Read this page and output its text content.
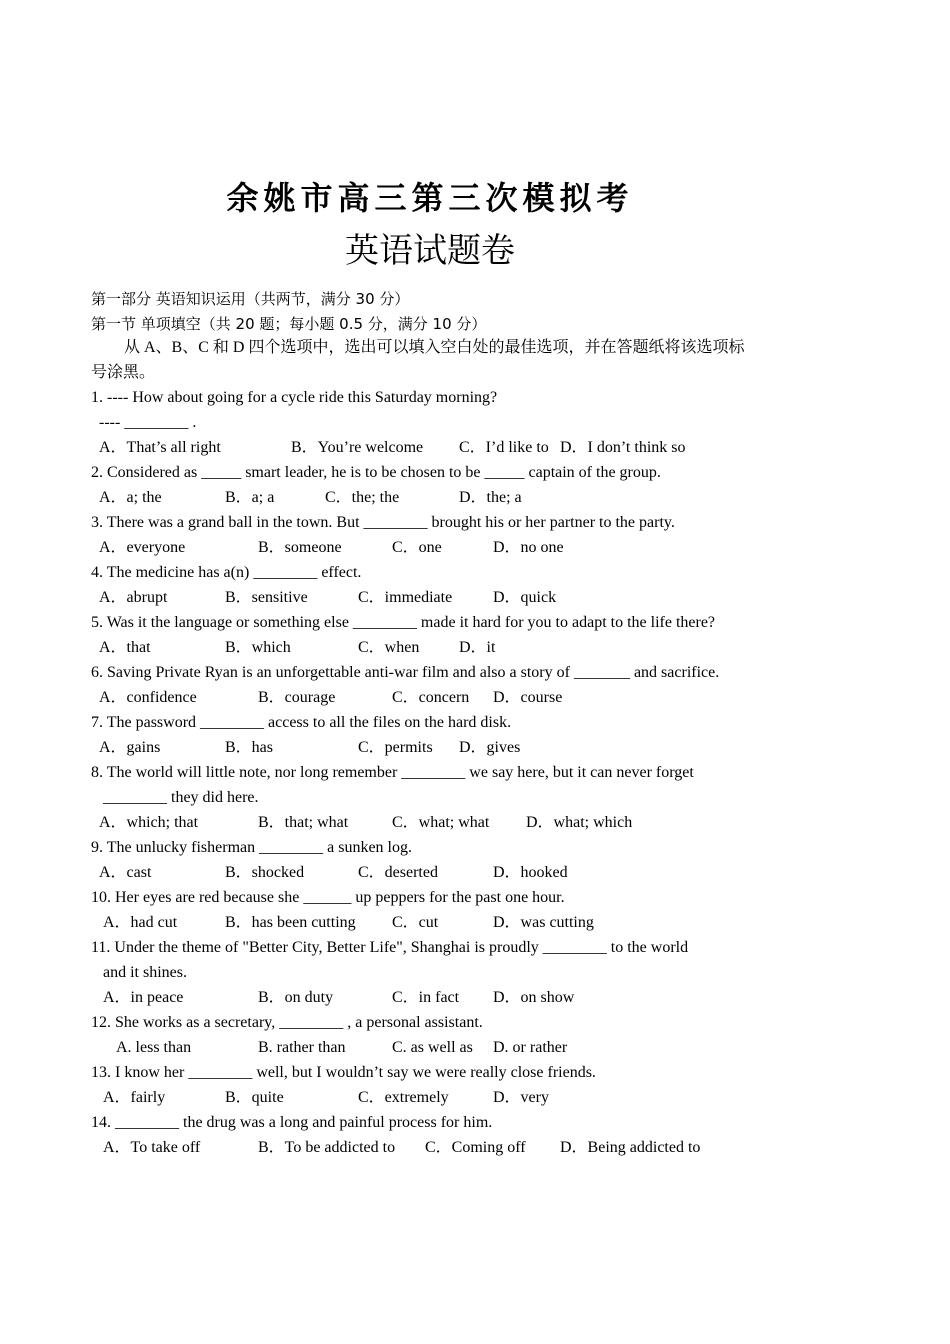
余姚市高三第三次模拟考
英语试题卷
第一部分 英语知识运用（共两节，满分 30 分）
第一节 单项填空（共 20 题；每小题 0.5 分，满分 10 分）
从 A、B、C 和 D 四个选项中，选出可以填入空白处的最佳选项，并在答题纸将该选项标
号涂黑。
1. ---- How about going for a cycle ride this Saturday morning?
---- ________ .
A．That’s all right	B．You’re welcome C．I’d like to D．I don’t think so
2. Considered as _____ smart leader, he is to be chosen to be _____ captain of the group.
A．a; the	B．a; a	C．the; the	D．the; a
3. There was a grand ball in the town. But ________ brought his or her partner to the party.
A．everyone	B．someone	C．one	D．no one
4. The medicine has a(n) ________ effect.
A．abrupt	B．sensitive	C．immediate	D．quick
5. Was it the language or something else ________ made it hard for you to adapt to the life there?
A．that	B．which	C．when D．it
6. Saving Private Ryan is an unforgettable anti-war film and also a story of _______ and sacrifice.
A．confidence	B．courage	C．concern D．course
7. The password ________ access to all the files on the hard disk.
A．gains	B．has	C．permits D．gives
8. The world will little note, nor long remember ________ we say here, but it can never forget
________ they did here.
A．which; that	B．that; what	C．what; what D．what; which
9. The unlucky fisherman ________ a sunken log.
A．cast	B．shocked	C．deserted	D．hooked
10. Her eyes are red because she ______ up peppers for the past one hour.
A．had cut	B．has been cutting C．cut	D．was cutting
11. Under the theme of "Better City, Better Life", Shanghai is proudly ________ to the world
and it shines.
A．in peace	B．on duty	C．in fact D．on show
12. She works as a secretary, ________ , a personal assistant.
A. less than	B. rather than	C. as well as D. or rather
13. I know her ________ well, but I wouldn’t say we were really close friends.
A．fairly	B．quite	C．extremely	D．very
14. ________ the drug was a long and painful process for him.
A．To take off	B．To be addicted to C．Coming off D．Being addicted to
